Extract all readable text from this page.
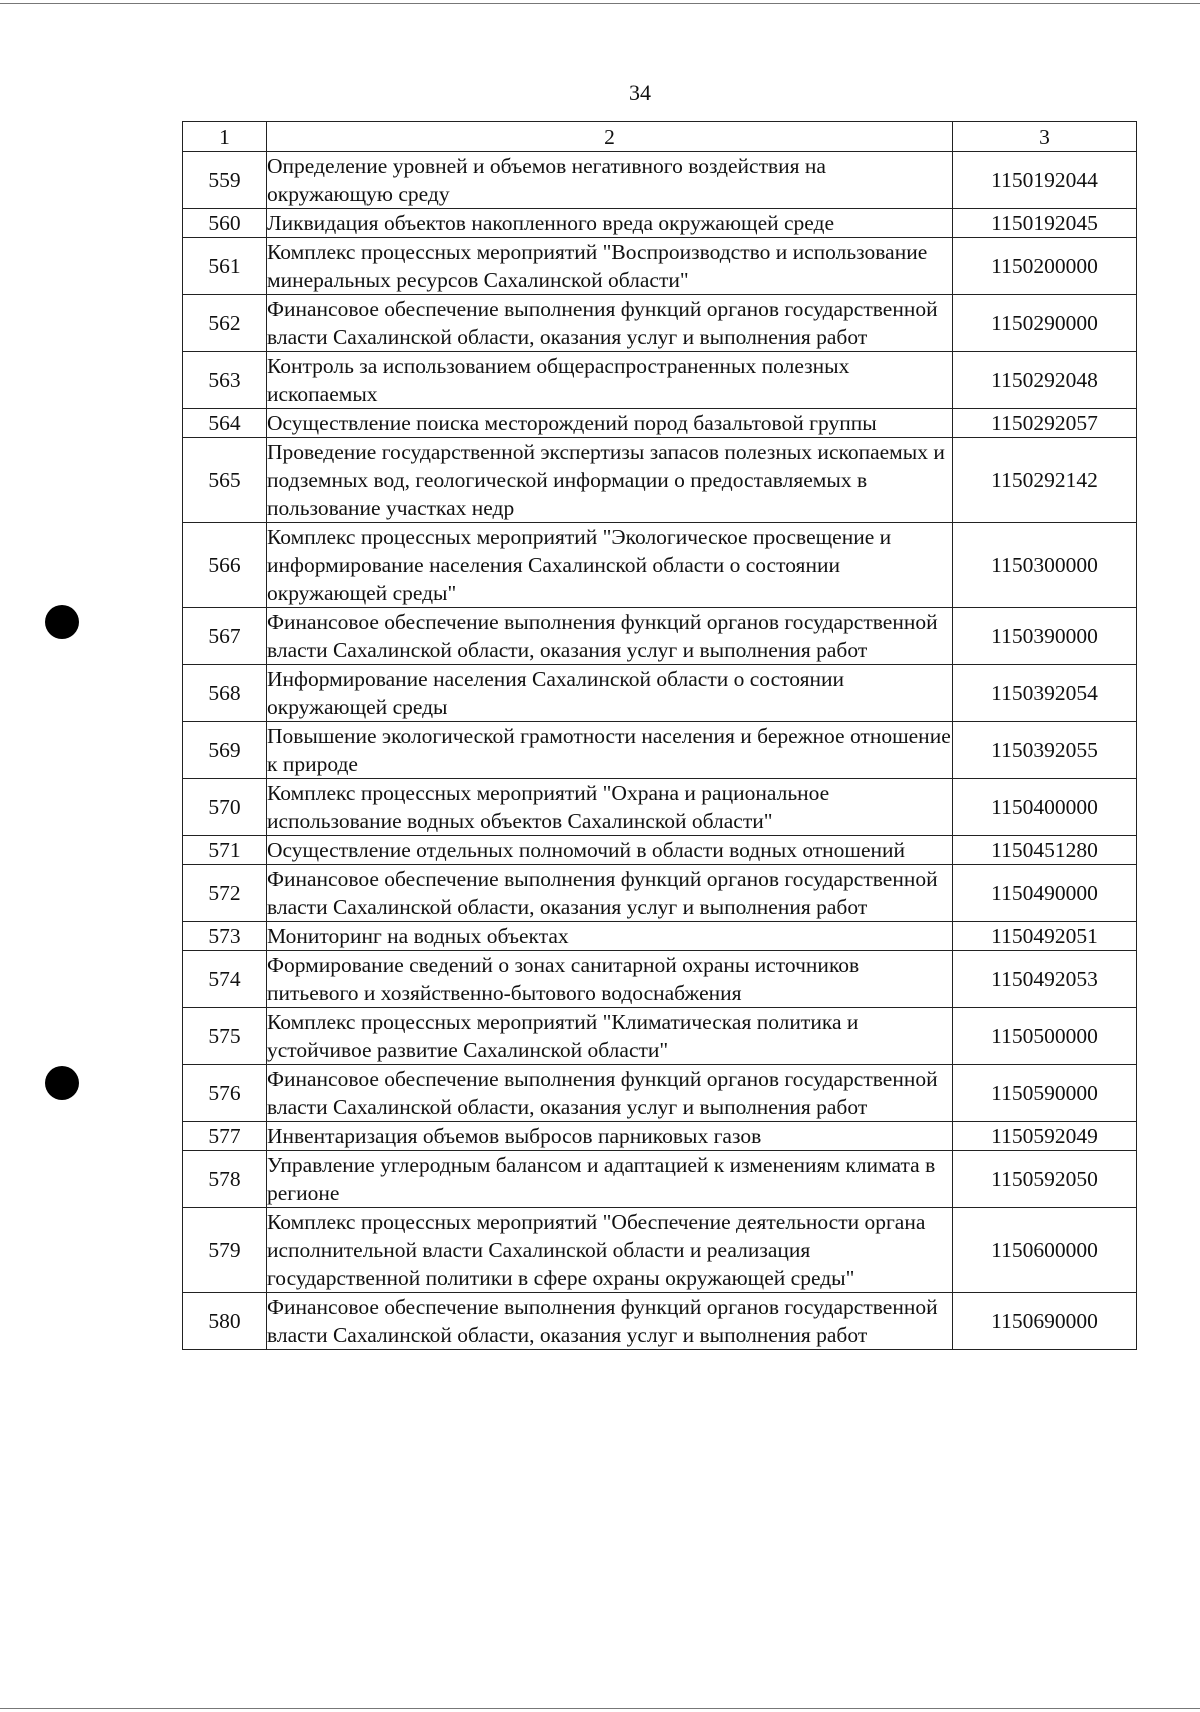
34
1	2	3
559	Определение уровней и объемов негативного воздействия на окружающую среду	1150192044
560	Ликвидация объектов накопленного вреда окружающей среде	1150192045
561	Комплекс процессных мероприятий "Воспроизводство и использование минеральных ресурсов Сахалинской области"	1150200000
562	Финансовое обеспечение выполнения функций органов государственной власти Сахалинской области, оказания услуг и выполнения работ	1150290000
563	Контроль за использованием общераспространенных полезных ископаемых	1150292048
564	Осуществление поиска месторождений пород базальтовой группы	1150292057
565	Проведение государственной экспертизы запасов полезных ископаемых и подземных вод, геологической информации о предоставляемых в пользование участках недр	1150292142
566	Комплекс процессных мероприятий "Экологическое просвещение и информирование населения Сахалинской области о состоянии окружающей среды"	1150300000
567	Финансовое обеспечение выполнения функций органов государственной власти Сахалинской области, оказания услуг и выполнения работ	1150390000
568	Информирование населения Сахалинской области о состоянии окружающей среды	1150392054
569	Повышение экологической грамотности населения и бережное отношение к природе	1150392055
570	Комплекс процессных мероприятий "Охрана и рациональное использование водных объектов Сахалинской области"	1150400000
571	Осуществление отдельных полномочий в области водных отношений	1150451280
572	Финансовое обеспечение выполнения функций органов государственной власти Сахалинской области, оказания услуг и выполнения работ	1150490000
573	Мониторинг на водных объектах	1150492051
574	Формирование сведений о зонах санитарной охраны источников питьевого и хозяйственно-бытового водоснабжения	1150492053
575	Комплекс процессных мероприятий "Климатическая политика и устойчивое развитие Сахалинской области"	1150500000
576	Финансовое обеспечение выполнения функций органов государственной власти Сахалинской области, оказания услуг и выполнения работ	1150590000
577	Инвентаризация объемов выбросов парниковых газов	1150592049
578	Управление углеродным балансом и адаптацией к изменениям климата в регионе	1150592050
579	Комплекс процессных мероприятий "Обеспечение деятельности органа исполнительной власти Сахалинской области и реализация государственной политики в сфере охраны окружающей среды"	1150600000
580	Финансовое обеспечение выполнения функций органов государственной власти Сахалинской области, оказания услуг и выполнения работ	1150690000
